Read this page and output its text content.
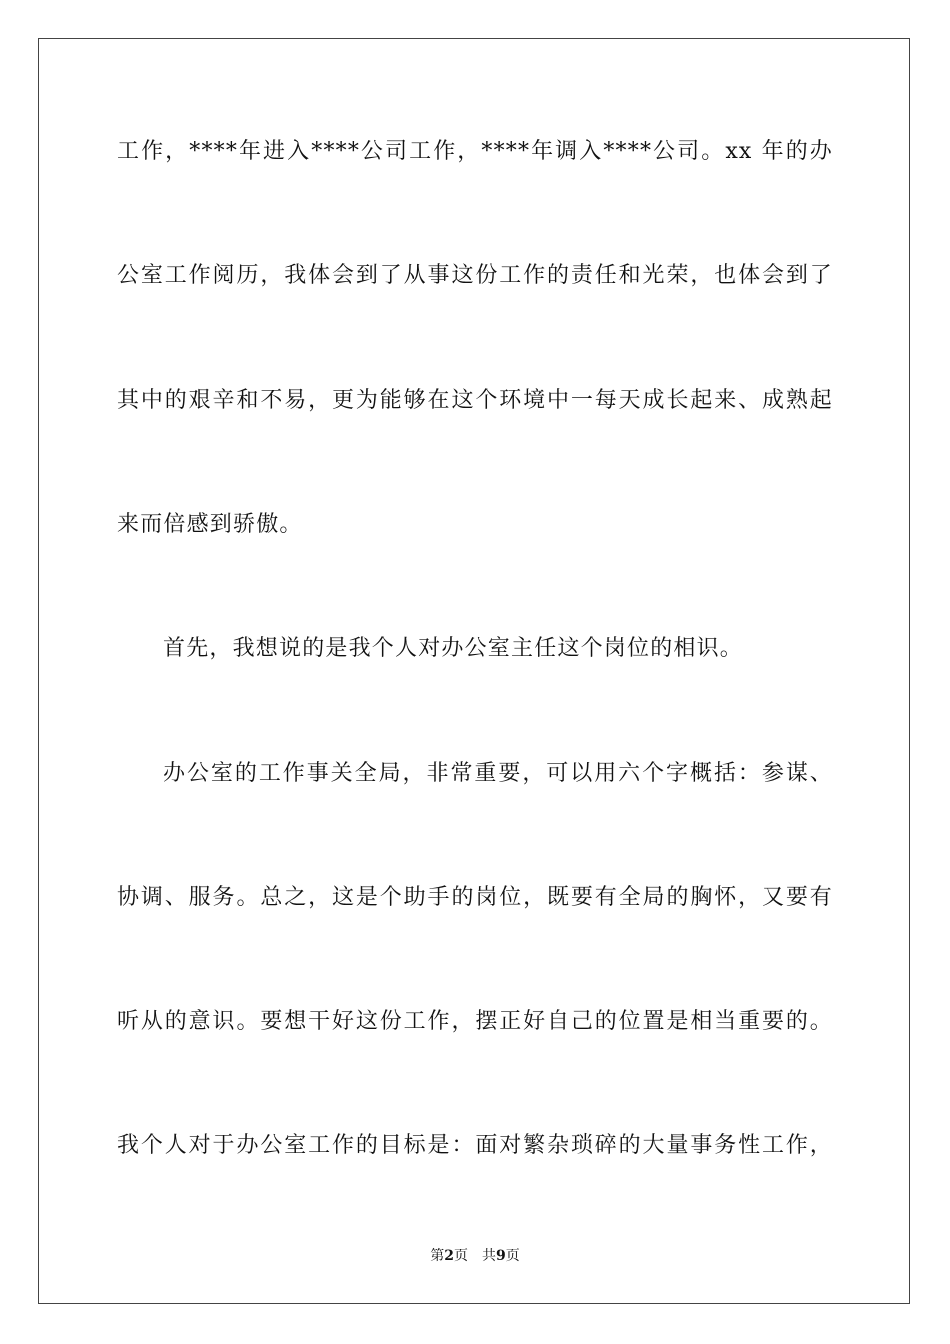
工作，****年进入****公司工作，****年调入****公司。xx 年的办
公室工作阅历，我体会到了从事这份工作的责任和光荣，也体会到了
其中的艰辛和不易，更为能够在这个环境中一每天成长起来、成熟起
来而倍感到骄傲。
首先，我想说的是我个人对办公室主任这个岗位的相识。
办公室的工作事关全局，非常重要，可以用六个字概括：参谋、
协调、服务。总之，这是个助手的岗位，既要有全局的胸怀，又要有
听从的意识。要想干好这份工作，摆正好自己的位置是相当重要的。
我个人对于办公室工作的目标是：面对繁杂琐碎的大量事务性工作，
第2页 共9页
